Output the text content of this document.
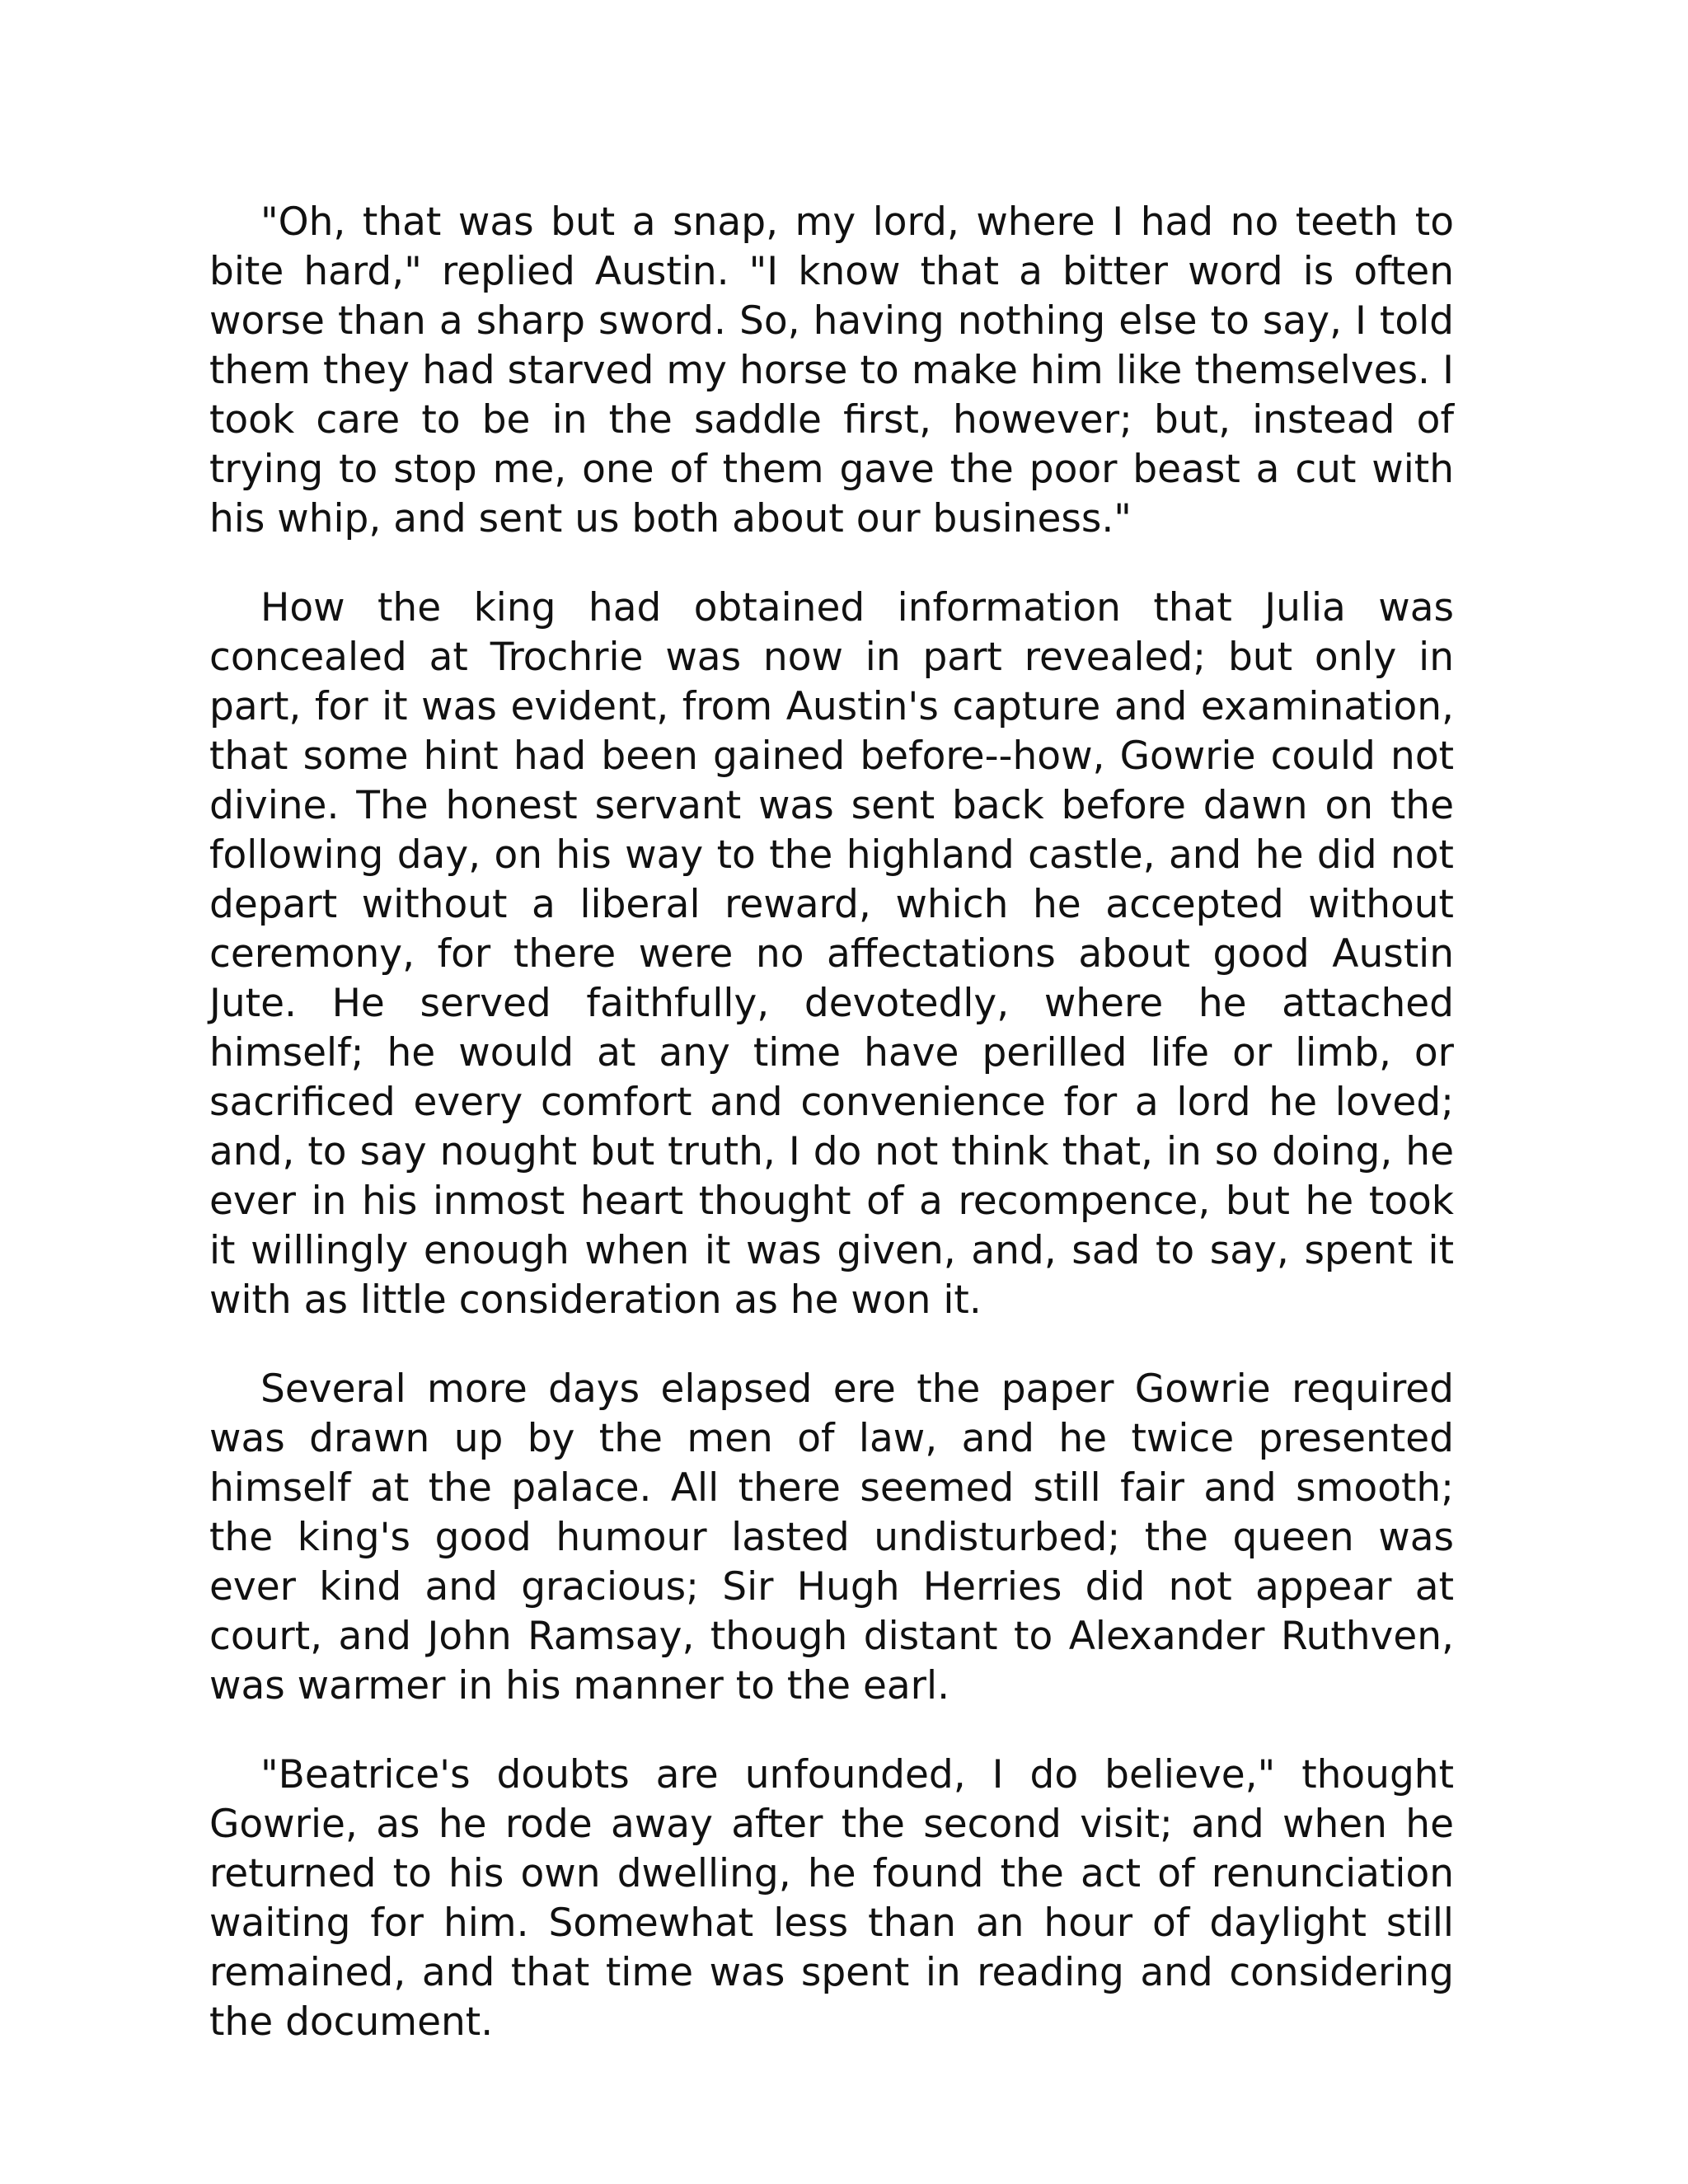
"Oh, that was but a snap, my lord, where I had no teeth to bite hard," replied Austin. "I know that a bitter word is often worse than a sharp sword. So, having nothing else to say, I told them they had starved my horse to make him like themselves. I took care to be in the saddle first, however; but, instead of trying to stop me, one of them gave the poor beast a cut with his whip, and sent us both about our business."

How the king had obtained information that Julia was concealed at Trochrie was now in part revealed; but only in part, for it was evident, from Austin's capture and examination, that some hint had been gained before--how, Gowrie could not divine. The honest servant was sent back before dawn on the following day, on his way to the highland castle, and he did not depart without a liberal reward, which he accepted without ceremony, for there were no affectations about good Austin Jute. He served faithfully, devotedly, where he attached himself; he would at any time have perilled life or limb, or sacrificed every comfort and convenience for a lord he loved; and, to say nought but truth, I do not think that, in so doing, he ever in his inmost heart thought of a recompence, but he took it willingly enough when it was given, and, sad to say, spent it with as little consideration as he won it.

Several more days elapsed ere the paper Gowrie required was drawn up by the men of law, and he twice presented himself at the palace. All there seemed still fair and smooth; the king's good humour lasted undisturbed; the queen was ever kind and gracious; Sir Hugh Herries did not appear at court, and John Ramsay, though distant to Alexander Ruthven, was warmer in his manner to the earl.

"Beatrice's doubts are unfounded, I do believe," thought Gowrie, as he rode away after the second visit; and when he returned to his own dwelling, he found the act of renunciation waiting for him. Somewhat less than an hour of daylight still remained, and that time was spent in reading and considering the document.
